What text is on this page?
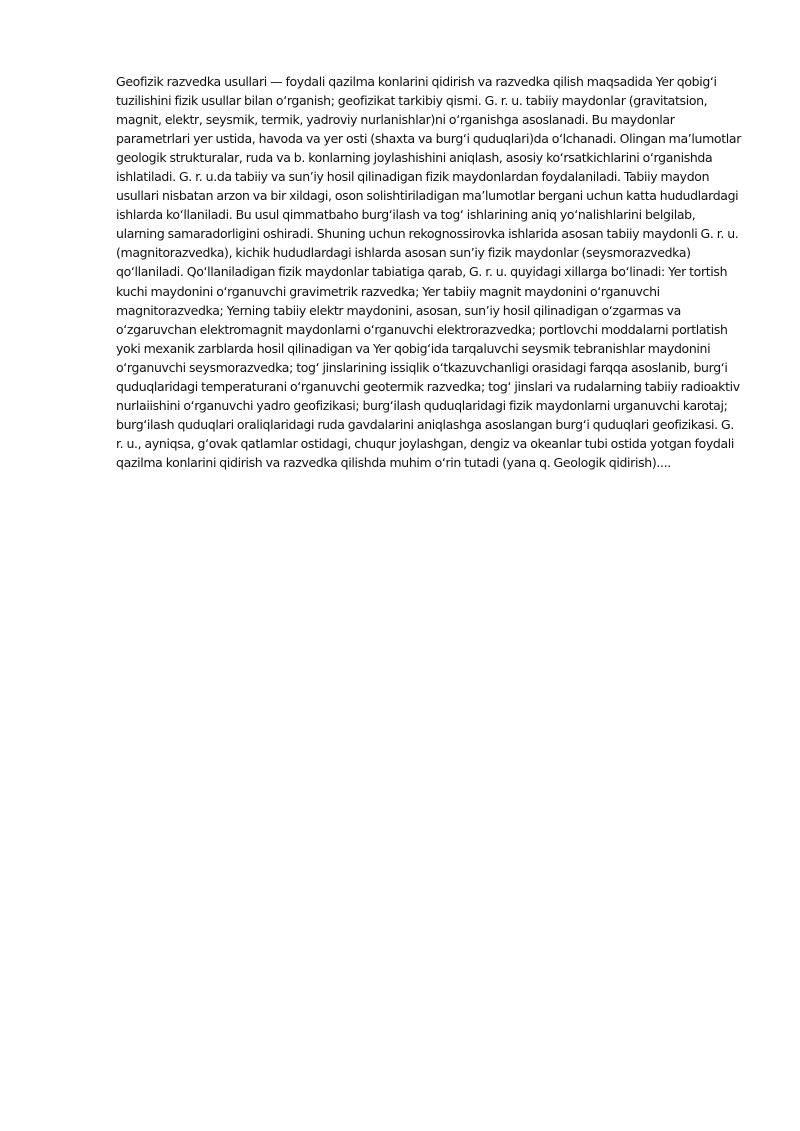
Geofizik razvedka usullari — foydali qazilma konlarini qidirish va razvedka qilish maqsadida Yer qobig‘i tuzilishini fizik usullar bilan o‘rganish; geofizikat tarkibiy qismi. G. r. u. tabiiy maydonlar (gravitatsion, magnit, elektr, seysmik, termik, yadroviy nurlanishlar)ni o‘rganishga asoslanadi. Bu maydonlar parametrlari yer ustida, havoda va yer osti (shaxta va burg‘i quduqlari)da o‘lchanadi. Olingan ma’lumotlar geologik strukturalar, ruda va b. konlarning joylashishini aniqlash, asosiy ko‘rsatkichlarini o‘rganishda ishlatiladi. G. r. u.da tabiiy va sun’iy hosil qilinadigan fizik maydonlardan foydalaniladi. Tabiiy maydon usullari nisbatan arzon va bir xildagi, oson solishtiriladigan ma’lumotlar bergani uchun katta hududlardagi ishlarda ko‘llaniladi. Bu usul qimmatbaho burg‘ilash va tog‘ ishlarining aniq yo‘nalishlarini belgilab, ularning samaradorligini oshiradi. Shuning uchun rekognossirovka ishlarida asosan tabiiy maydonli G. r. u. (magnitorazvedka), kichik hududlardagi ishlarda asosan sun’iy fizik maydonlar (seysmorazvedka) qo‘llaniladi. Qo‘llaniladigan fizik maydonlar tabiatiga qarab, G. r. u. quyidagi xillarga bo‘linadi: Yer tortish kuchi maydonini o‘rganuvchi gravimetrik razvedka; Yer tabiiy magnit maydonini o‘rganuvchi magnitorazvedka; Yerning tabiiy elektr maydonini, asosan, sun’iy hosil qilinadigan o‘zgarmas va o‘zgaruvchan elektromagnit maydonlarni o‘rganuvchi elektrorazvedka; portlovchi moddalarni portlatish yoki mexanik zarblarda hosil qilinadigan va Yer qobig‘ida tarqaluvchi seysmik tebranishlar maydonini o‘rganuvchi seysmorazvedka; tog‘ jinslarining issiqlik o‘tkazuvchanligi orasidagi farqqa asoslanib, burg‘i quduqlaridagi temperaturani o‘rganuvchi geotermik razvedka; tog‘ jinslari va rudalarning tabiiy radioaktiv nurlaiishini o‘rganuvchi yadro geofizikasi; burg‘ilash quduqlaridagi fizik maydonlarni urganuvchi karotaj; burg‘ilash quduqlari oraliqlaridagi ruda gavdalarini aniqlashga asoslangan burg‘i quduqlari geofizikasi. G. r. u., ayniqsa, g‘ovak qatlamlar ostidagi, chuqur joylashgan, dengiz va okeanlar tubi ostida yotgan foydali qazilma konlarini qidirish va razvedka qilishda muhim o‘rin tutadi (yana q. Geologik qidirish)....
